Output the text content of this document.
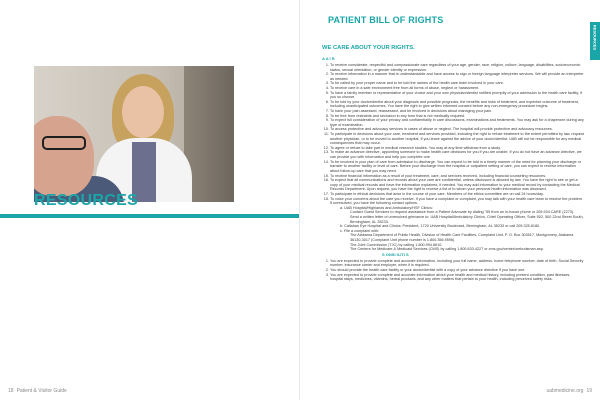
RESOURCES
18 Patient & Visitor Guide
RESOURCES
PATIENT BILL OF RIGHTS
WE CARE ABOUT YOUR RIGHTS.
A A I R
1. To receive considerate, respectful and compassionate care regardless of your age, gender, race, religion, culture, language, disabilities, socioeconomic status, sexual orientation, or gender identity or expression.
2. To receive information in a manner that is understandable and have access to sign or foreign language interpreter services. We will provide an interpreter as needed.
3. To be called by your proper name and to be told the names of the health care team involved in your care.
4. To receive care in a safe environment free from all forms of abuse, neglect or harassment.
5. To have a family member or representative of your choice and your own physician/dentist notified promptly of your admission to the health care facility, if you so choose.
6. To be told by your doctor/dentist about your diagnosis and possible prognosis, the benefits and risks of treatment, and expected outcome of treatment, including unanticipated outcomes. You have the right to give written informed consent before any non-emergency procedure begins.
7. To have your pain assessed, reassessed, and be involved in decisions about managing your pain.
8. To be free from restraints and seclusion in any form that is not medically required.
9. To expect full consideration of your privacy and confidentiality in care discussions, examinations and treatments. You may ask for a chaperone during any type of examination.
10. To access protective and advocacy services in cases of abuse or neglect. The hospital will provide protective and advocacy resources.
11. To participate in decisions about your care, treatment and services provided, including the right to refuse treatment to the extent permitted by law, request another physician, or to be moved to another hospital. If you leave against the advice of your doctor/dentist, UAB will not be responsible for any medical consequences that may occur.
12. To agree or refuse to take part in medical research studies. You may at any time withdraw from a study.
13. To make an advance directive, appointing someone to make health care decisions for you if you are unable. If you do not have an advance directive, we can provide you with information and help you complete one.
14. To be involved in your plan of care from admission to discharge. You can expect to be told in a timely manner of the need for planning your discharge or transfer to another facility or level of care. Before your discharge from the hospital or outpatient setting of care, you can expect to receive information about follow-up care that you may need.
15. To receive financial information as a result of your treatment, care, and services received, including financial counseling resources.
16. To expect that all communications and records about your care are confidential, unless disclosure is allowed by law. You have the right to see or get a copy of your medical records and have the information explained, if needed. You may add information to your medical record by contacting the Medical Records Department. Upon request, you have the right to receive a list of to whom your personal health information was disclosed.
17. To participate in ethical decisions that arise in the course of your care. Members of the ethics committee are on call 24 hours/day.
18. To voice your concerns about the care you receive. If you have a complaint or complaint, you may talk with your health care team to resolve the problem. If unresolved, you have the following contact options:
a. UAB Hospital/Highlands and Ambulatory/HSF Clinics:
Contact Guest Services to request assistance from a Patient Advocate by dialing "55 from an in-house phone or 205.934.CARE (2273).
Send a written letter of unresolved grievance to: UAB Hospital/Ambulatory Clinics, Chief Operating Officer, Suite 502, 500 22nd Street South, Birmingham, AL 35233.
b. Callahan Eye Hospital and Clinics: President, 1720 University Boulevard, Birmingham, AL 35233 or call 205.325.8180.
c. File a complaint with:
The Alabama Department of Public Health, Division of Health Care Facilities, Complaint Unit, P. O. Box 303017, Montgomery, Alabama 36130-3017 (Complaint Unit phone number is 1.800.356.9596).
The Joint Commission (TJC) by calling 1.800.994.6610.
The Centers for Medicare & Medicaid Services (CMS) by calling 1.800.633.4227 or cms.gov/center/ombudsman.asp.
S ONSI ILITI S
1. You are expected to provide complete and accurate information, including your full name, address, home telephone number, date of birth, Social Security number, insurance carrier and employer, when it is required.
2. You should provide the health care facility or your doctor/dentist with a copy of your advance directive if you have one.
3. You are expected to provide complete and accurate information about your health and medical history, including present condition, past illnesses, hospital stays, medicines, vitamins, herbal products, and any other matters that pertain to your health, including perceived safety risks.
uabmedicine.org 19
